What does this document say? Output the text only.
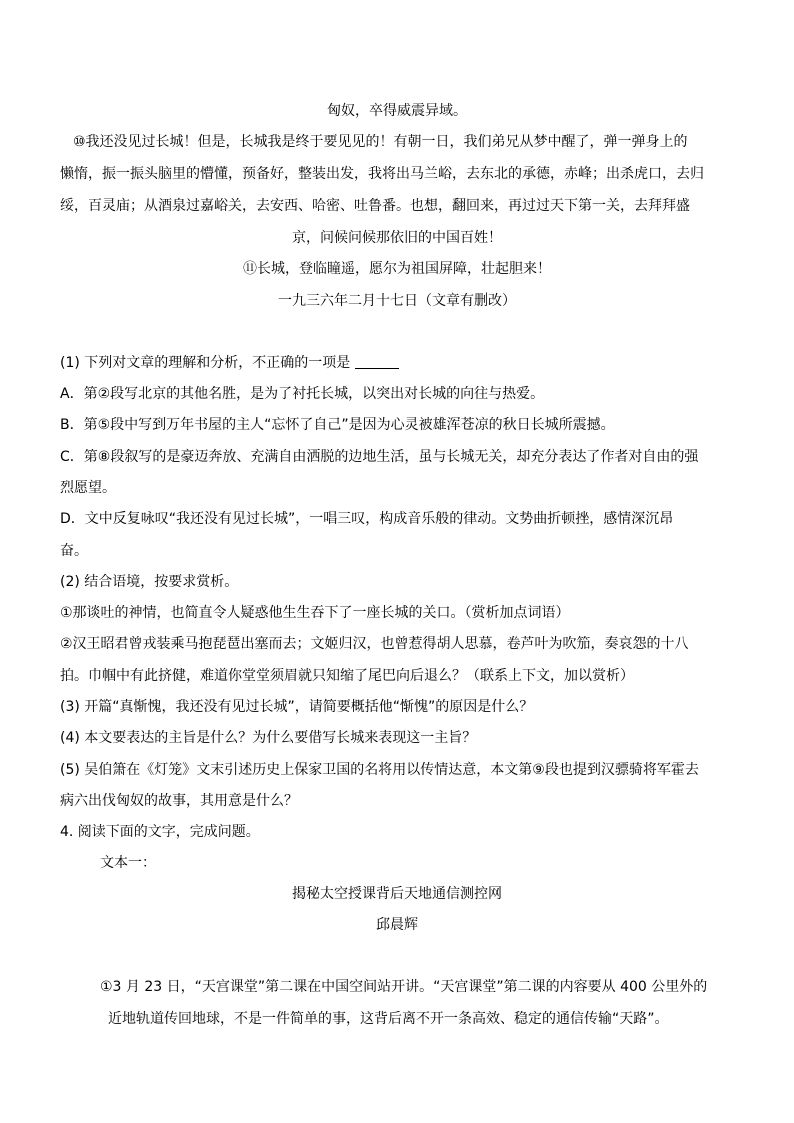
匈奴，卒得威震异域。
⑩我还没见过长城！但是，长城我是终于要见见的！有朝一日，我们弟兄从梦中醒了，弹一弹身上的
懒惰，振一振头脑里的懵懂，预备好，整装出发，我将出马兰峪，去东北的承德，赤峰；出杀虎口，去归
绥，百灵庙；从酒泉过嘉峪关，去安西、哈密、吐鲁番。也想，翻回来，再过过天下第一关，去拜拜盛
京，问候问候那依旧的中国百姓！
⑪长城，登临瞳遥，愿尔为祖国屏障，壮起胆来！
一九三六年二月十七日（文章有删改）
(1) 下列对文章的理解和分析，不正确的一项是
A．第②段写北京的其他名胜，是为了衬托长城，以突出对长城的向往与热爱。
B．第⑤段中写到万年书屋的主人“忘怀了自己”是因为心灵被雄浑苍凉的秋日长城所震撼。
C．第⑧段叙写的是豪迈奔放、充满自由洒脱的边地生活，虽与长城无关，却充分表达了作者对自由的强
烈愿望。
D．文中反复咏叹“我还没有见过长城”，一唱三叹，构成音乐般的律动。文势曲折顿挫，感情深沉昂
奋。
(2) 结合语境，按要求赏析。
①那谈吐的神情，也简直令人疑惑他生生吞下了一座长城的关口。（赏析加点词语）
②汉王昭君曾戎装乘马抱琵琶出塞而去；文姬归汉，也曾惹得胡人思慕，卷芦叶为吹笳，奏哀怨的十八
拍。巾帼中有此挤健，难道你堂堂须眉就只知缩了尾巴向后退么？（联系上下文，加以赏析）
(3) 开篇“真惭愧，我还没有见过长城”，请简要概括他“惭愧”的原因是什么？
(4) 本文要表达的主旨是什么？为什么要借写长城来表现这一主旨？
(5) 吴伯箫在《灯笼》文末引述历史上保家卫国的名将用以传情达意，本文第⑨段也提到汉骠骑将军霍去
病六出伐匈奴的故事，其用意是什么？
4. 阅读下面的文字，完成问题。
文本一：
揭秘太空授课背后天地通信测控网
邱晨辉
①3 月 23 日，“天宫课堂”第二课在中国空间站开讲。“天宫课堂”第二课的内容要从 400 公里外的
近地轨道传回地球，不是一件简单的事，这背后离不开一条高效、稳定的通信传输“天路”。
